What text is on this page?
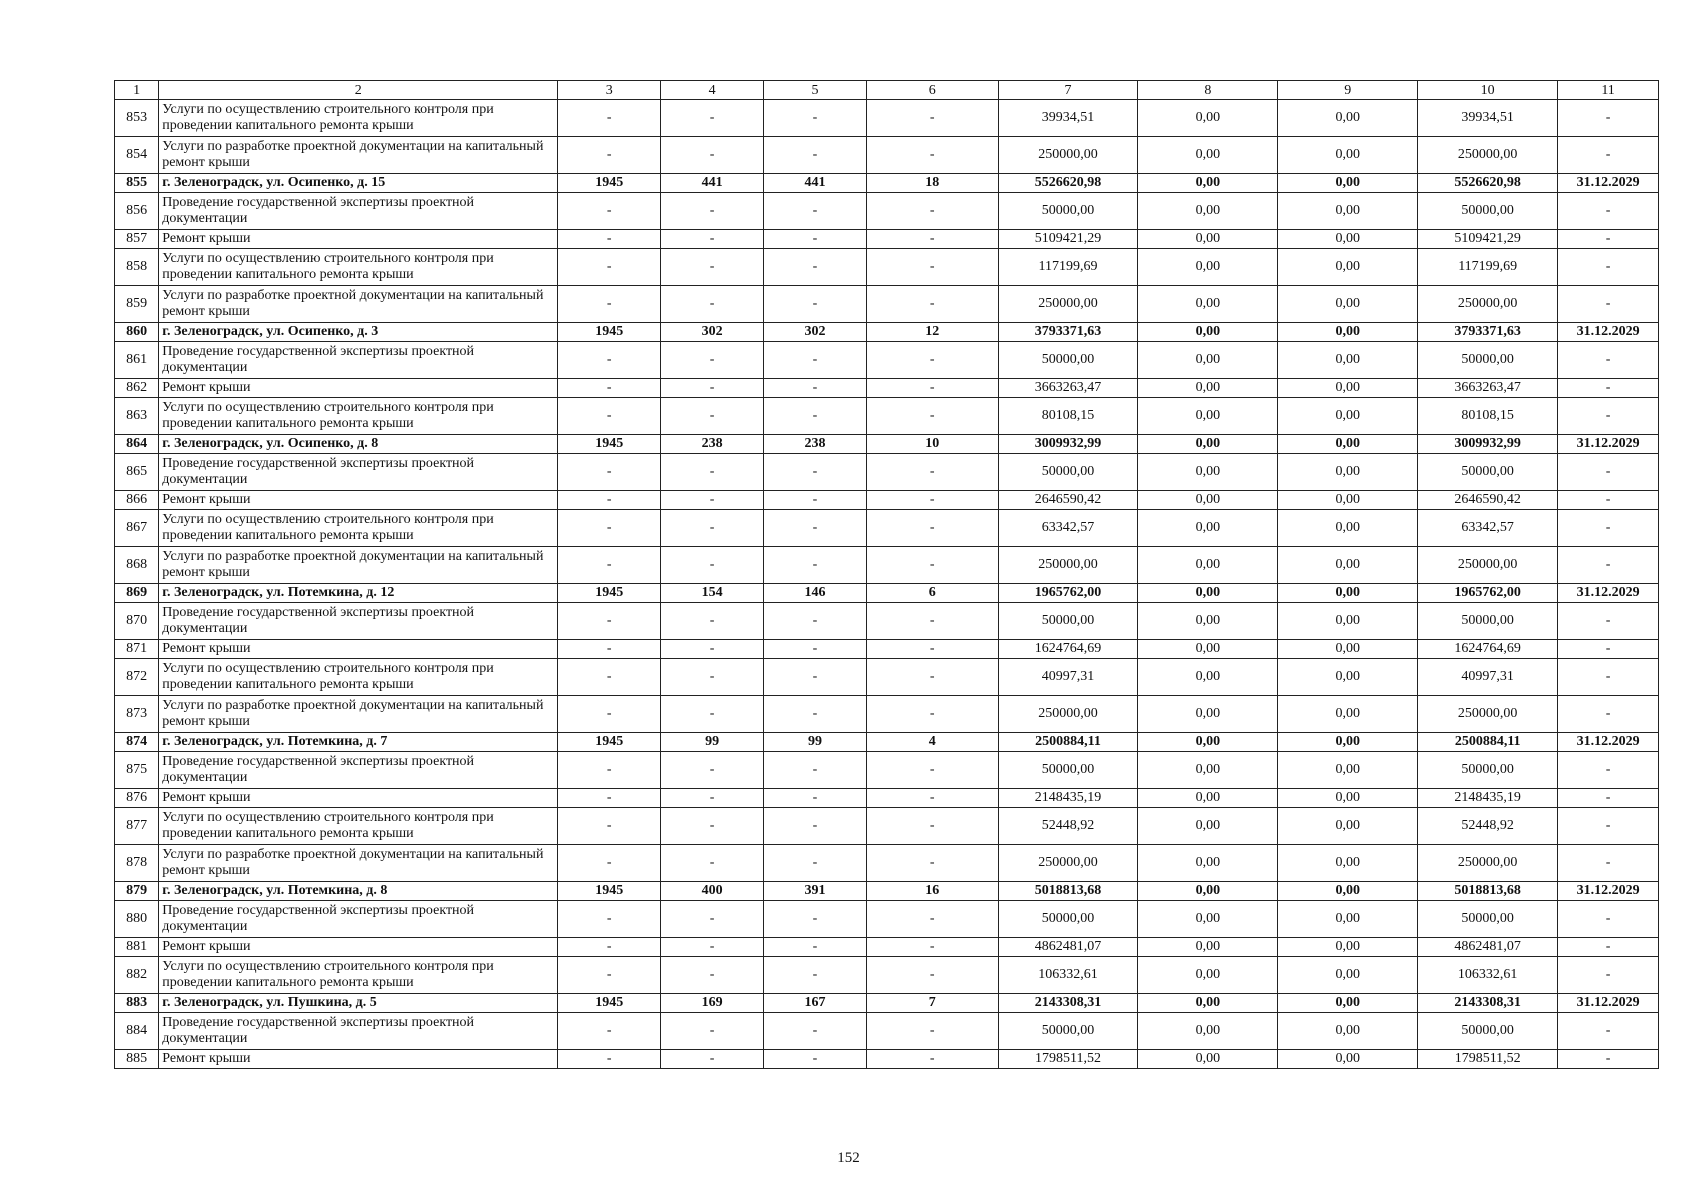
1	2	3	4	5	6	7	8	9	10	11
853	Услуги по осуществлению строительного контроля при проведении капитального ремонта крыши	-	-	-	-	39934,51	0,00	0,00	39934,51	-
854	Услуги по разработке проектной документации на капитальный ремонт крыши	-	-	-	-	250000,00	0,00	0,00	250000,00	-
855	г. Зеленоградск, ул. Осипенко, д. 15	1945	441	441	18	5526620,98	0,00	0,00	5526620,98	31.12.2029
856	Проведение государственной экспертизы проектной документации	-	-	-	-	50000,00	0,00	0,00	50000,00	-
857	Ремонт крыши	-	-	-	-	5109421,29	0,00	0,00	5109421,29	-
858	Услуги по осуществлению строительного контроля при проведении капитального ремонта крыши	-	-	-	-	117199,69	0,00	0,00	117199,69	-
859	Услуги по разработке проектной документации на капитальный ремонт крыши	-	-	-	-	250000,00	0,00	0,00	250000,00	-
860	г. Зеленоградск, ул. Осипенко, д. 3	1945	302	302	12	3793371,63	0,00	0,00	3793371,63	31.12.2029
861	Проведение государственной экспертизы проектной документации	-	-	-	-	50000,00	0,00	0,00	50000,00	-
862	Ремонт крыши	-	-	-	-	3663263,47	0,00	0,00	3663263,47	-
863	Услуги по осуществлению строительного контроля при проведении капитального ремонта крыши	-	-	-	-	80108,15	0,00	0,00	80108,15	-
864	г. Зеленоградск, ул. Осипенко, д. 8	1945	238	238	10	3009932,99	0,00	0,00	3009932,99	31.12.2029
865	Проведение государственной экспертизы проектной документации	-	-	-	-	50000,00	0,00	0,00	50000,00	-
866	Ремонт крыши	-	-	-	-	2646590,42	0,00	0,00	2646590,42	-
867	Услуги по осуществлению строительного контроля при проведении капитального ремонта крыши	-	-	-	-	63342,57	0,00	0,00	63342,57	-
868	Услуги по разработке проектной документации на капитальный ремонт крыши	-	-	-	-	250000,00	0,00	0,00	250000,00	-
869	г. Зеленоградск, ул. Потемкина, д. 12	1945	154	146	6	1965762,00	0,00	0,00	1965762,00	31.12.2029
870	Проведение государственной экспертизы проектной документации	-	-	-	-	50000,00	0,00	0,00	50000,00	-
871	Ремонт крыши	-	-	-	-	1624764,69	0,00	0,00	1624764,69	-
872	Услуги по осуществлению строительного контроля при проведении капитального ремонта крыши	-	-	-	-	40997,31	0,00	0,00	40997,31	-
873	Услуги по разработке проектной документации на капитальный ремонт крыши	-	-	-	-	250000,00	0,00	0,00	250000,00	-
874	г. Зеленоградск, ул. Потемкина, д. 7	1945	99	99	4	2500884,11	0,00	0,00	2500884,11	31.12.2029
875	Проведение государственной экспертизы проектной документации	-	-	-	-	50000,00	0,00	0,00	50000,00	-
876	Ремонт крыши	-	-	-	-	2148435,19	0,00	0,00	2148435,19	-
877	Услуги по осуществлению строительного контроля при проведении капитального ремонта крыши	-	-	-	-	52448,92	0,00	0,00	52448,92	-
878	Услуги по разработке проектной документации на капитальный ремонт крыши	-	-	-	-	250000,00	0,00	0,00	250000,00	-
879	г. Зеленоградск, ул. Потемкина, д. 8	1945	400	391	16	5018813,68	0,00	0,00	5018813,68	31.12.2029
880	Проведение государственной экспертизы проектной документации	-	-	-	-	50000,00	0,00	0,00	50000,00	-
881	Ремонт крыши	-	-	-	-	4862481,07	0,00	0,00	4862481,07	-
882	Услуги по осуществлению строительного контроля при проведении капитального ремонта крыши	-	-	-	-	106332,61	0,00	0,00	106332,61	-
883	г. Зеленоградск, ул. Пушкина, д. 5	1945	169	167	7	2143308,31	0,00	0,00	2143308,31	31.12.2029
884	Проведение государственной экспертизы проектной документации	-	-	-	-	50000,00	0,00	0,00	50000,00	-
885	Ремонт крыши	-	-	-	-	1798511,52	0,00	0,00	1798511,52	-
152
